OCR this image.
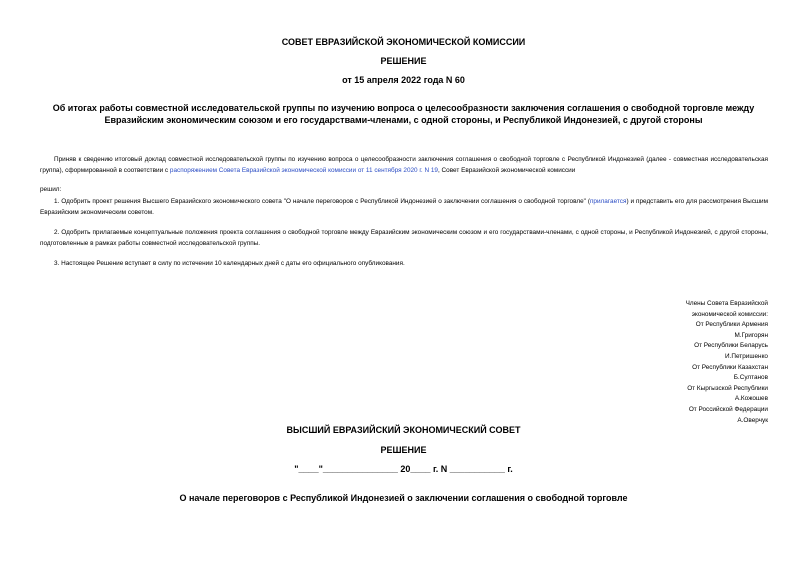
СОВЕТ ЕВРАЗИЙСКОЙ ЭКОНОМИЧЕСКОЙ КОМИССИИ
РЕШЕНИЕ
от 15 апреля 2022 года N 60
Об итогах работы совместной исследовательской группы по изучению вопроса о целесообразности заключения соглашения о свободной торговле между
Евразийским экономическим союзом и его государствами-членами, с одной стороны, и Республикой Индонезией, с другой стороны
Приняв к сведению итоговый доклад совместной исследовательской группы по изучению вопроса о целесообразности заключения соглашения о свободной торговле с Республикой Индонезией (далее - совместная исследовательская группа), сформированной в соответствии с распоряжением Совета Евразийской экономической комиссии от 11 сентября 2020 г. N 19, Совет Евразийской экономической комиссии
решил:
1. Одобрить проект решения Высшего Евразийского экономического совета "О начале переговоров с Республикой Индонезией о заключении соглашения о свободной торговле" (прилагается) и представить его для рассмотрения Высшим Евразийским экономическим советом.
2. Одобрить прилагаемые концептуальные положения проекта соглашения о свободной торговле между Евразийским экономическим союзом и его государствами-членами, с одной стороны, и Республикой Индонезией, с другой стороны, подготовленные в рамках работы совместной исследовательской группы.
3. Настоящее Решение вступает в силу по истечении 10 календарных дней с даты его официального опубликования.
Члены Совета Евразийской
экономической комиссии:
От Республики Армения
М.Григорян
От Республики Беларусь
И.Петришенко
От Республики Казахстан
Б.Султанов
От Кыргызской Республики
А.Кожошев
От Российской Федерации
А.Оверчук
ВЫСШИЙ ЕВРАЗИЙСКИЙ ЭКОНОМИЧЕСКИЙ СОВЕТ
РЕШЕНИЕ
"____"_______________ 20____ г. N ___________ г.
О начале переговоров с Республикой Индонезией о заключении соглашения о свободной торговле
